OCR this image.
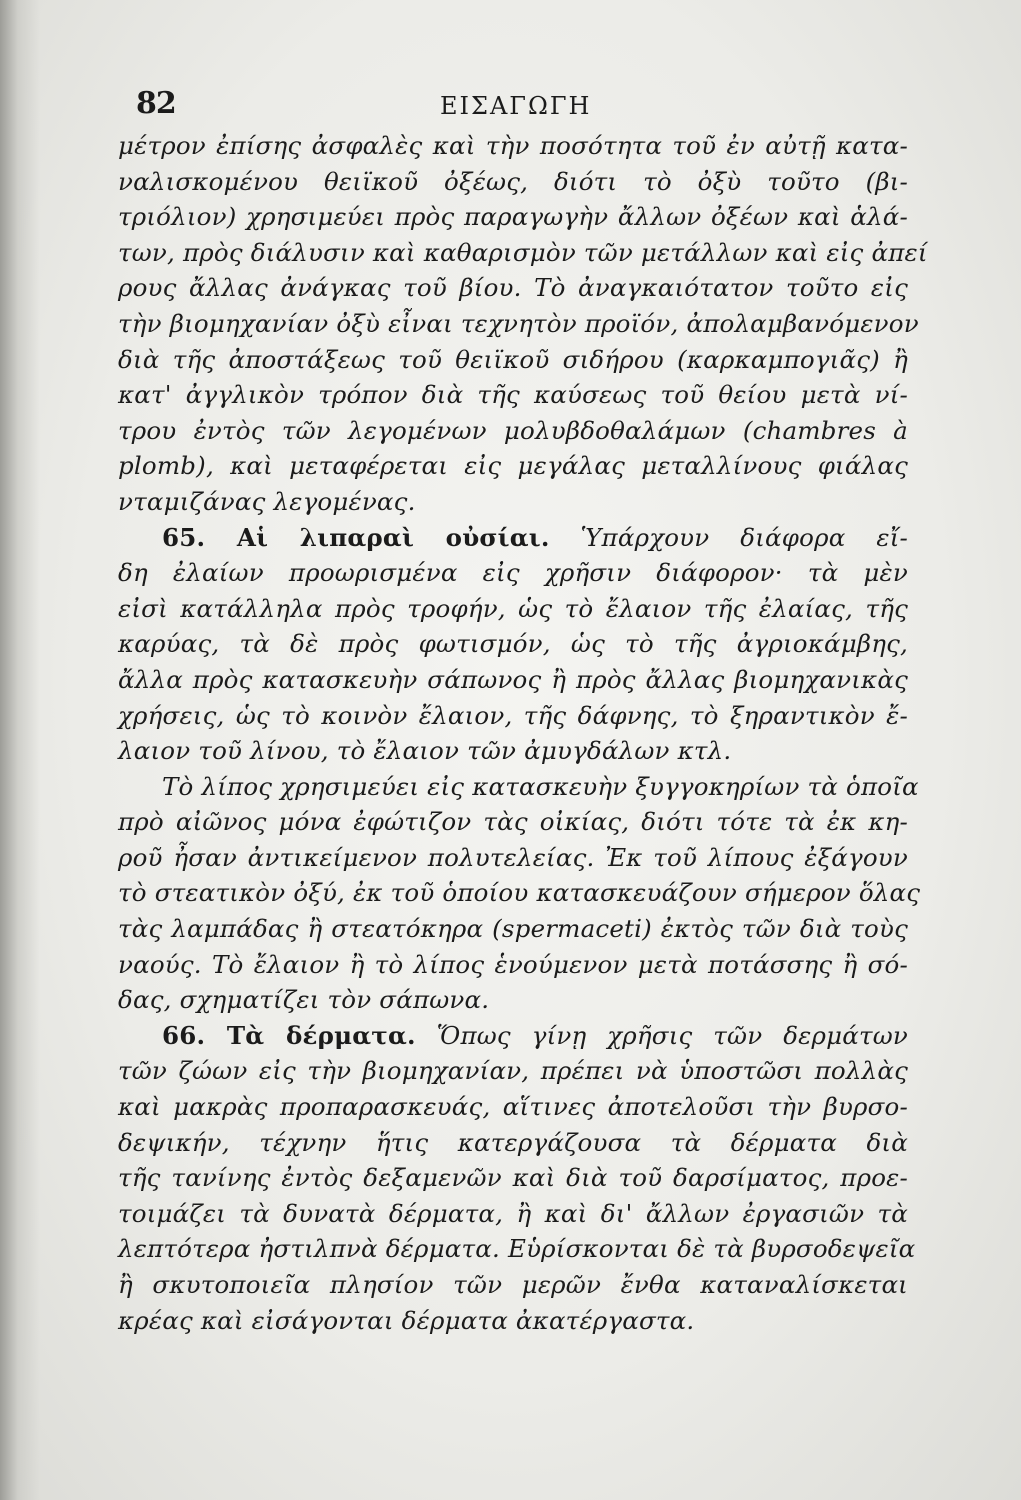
82	ΕΙΣΑΓΩΓΗ
μέτρον ἐπίσης ἀσφαλὲς καὶ τὴν ποσότητα τοῦ ἐν αὐτῇ κατα-
ναλισκομένου θειϊκοῦ ὀξέως, διότι τὸ ὀξὺ τοῦτο (βι-
τριόλιον) χρησιμεύει πρὸς παραγωγὴν ἄλλων ὀξέων καὶ ἁλά-
των, πρὸς διάλυσιν καὶ καθαρισμὸν τῶν μετάλλων καὶ εἰς ἀπεί
ρους ἄλλας ἀνάγκας τοῦ βίου. Τὸ ἀναγκαιότατον τοῦτο εἰς
τὴν βιομηχανίαν ὀξὺ εἶναι τεχνητὸν προϊόν, ἀπολαμβανόμενον
διὰ τῆς ἀποστάξεως τοῦ θειϊκοῦ σιδήρου (καρκαμπογιᾶς) ἢ
κατ' ἀγγλικὸν τρόπον διὰ τῆς καύσεως τοῦ θείου μετὰ νί-
τρου ἐντὸς τῶν λεγομένων μολυβδοθαλάμων (chambres à
plomb), καὶ μεταφέρεται εἰς μεγάλας μεταλλίνους φιάλας
νταμιζάνας λεγομένας.
65. Αἱ λιπαραὶ οὐσίαι. Ὑπάρχουν διάφορα εἴ-
δη ἐλαίων προωρισμένα εἰς χρῆσιν διάφορον· τὰ μὲν
εἰσὶ κατάλληλα πρὸς τροφήν, ὡς τὸ ἔλαιον τῆς ἐλαίας, τῆς
καρύας, τὰ δὲ πρὸς φωτισμόν, ὡς τὸ τῆς ἀγριοκάμβης,
ἄλλα πρὸς κατασκευὴν σάπωνος ἢ πρὸς ἄλλας βιομηχανικὰς
χρήσεις, ὡς τὸ κοινὸν ἔλαιον, τῆς δάφνης, τὸ ξηραντικὸν ἔ-
λαιον τοῦ λίνου, τὸ ἔλαιον τῶν ἀμυγδάλων κτλ.
Τὸ λίπος χρησιμεύει εἰς κατασκευὴν ξυγγοκηρίων τὰ ὁποῖα
πρὸ αἰῶνος μόνα ἐφώτιζον τὰς οἰκίας, διότι τότε τὰ ἐκ κη-
ροῦ ἦσαν ἀντικείμενον πολυτελείας. Ἐκ τοῦ λίπους ἐξάγουν
τὸ στεατικὸν ὀξύ, ἐκ τοῦ ὁποίου κατασκευάζουν σήμερον ὅλας
τὰς λαμπάδας ἢ στεατόκηρα (spermaceti) ἐκτὸς τῶν διὰ τοὺς
ναούς. Τὸ ἔλαιον ἢ τὸ λίπος ἑνούμενον μετὰ ποτάσσης ἢ σό-
δας, σχηματίζει τὸν σάπωνα.
66. Τὰ δέρματα. Ὅπως γίνῃ χρῆσις τῶν δερμάτων
τῶν ζώων εἰς τὴν βιομηχανίαν, πρέπει νὰ ὑποστῶσι πολλὰς
καὶ μακρὰς προπαρασκευάς, αἵτινες ἀποτελοῦσι τὴν βυρσο-
δεψικήν, τέχνην ἥτις κατεργάζουσα τὰ δέρματα διὰ
τῆς τανίνης ἐντὸς δεξαμενῶν καὶ διὰ τοῦ δαρσίματος, προε-
τοιμάζει τὰ δυνατὰ δέρματα, ἢ καὶ δι' ἄλλων ἐργασιῶν τὰ
λεπτότερα ἠστιλπνὰ δέρματα. Εὑρίσκονται δὲ τὰ βυρσοδεψεῖα
ἢ σκυτοποιεῖα πλησίον τῶν μερῶν ἔνθα καταναλίσκεται
κρέας καὶ εἰσάγονται δέρματα ἀκατέργαστα.
